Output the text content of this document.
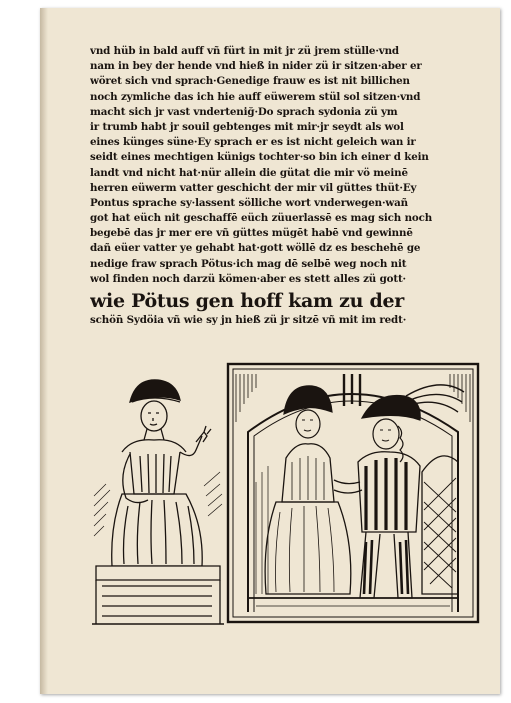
vnd hüb in bald auff vñ fürt in mit jr zü jrem stülle·vnd
nam in bey der hende vnd hieß in nider zü ir sitzen·aber er
wöret sich vnd sprach·Genedige frauw es ist nit billichen
noch zymliche das ich hie auff eüwerem stül sol sitzen·vnd
macht sich jr vast vnderteniğ·Do sprach sydonia zü ym
ir trumb habt jr souil gebtenges mit mir·jr seydt als wol
eines künges süne·Ey sprach er es ist nicht geleich wan ir
seidt eines mechtigen künigs tochter·so bin ich einer d kein
landt vnd nicht hat·nür allein die gütat die mir vö meinē
herren eüwerm vatter geschicht der mir vil güttes thüt·Ey
Pontus sprache sy·lassent sölliche wort vnderwegen·wañ
got hat eüch nit geschaffē eüch züuerlassē es mag sich noch
begebē das jr mer ere vñ güttes mügēt habē vnd gewinnē
dañ eüer vatter ye gehabt hat·gott wöllē dz es beschehē ge
nedige fraw sprach Pötus·ich mag dē selbē weg noch nit
wol finden noch darzü kömen·aber es stett alles zü gott·
wie Pötus gen hoff kam zu der
schön̄ Sydöia vñ wie sy jn hieß zü jr sitzē vñ mit im redt·
